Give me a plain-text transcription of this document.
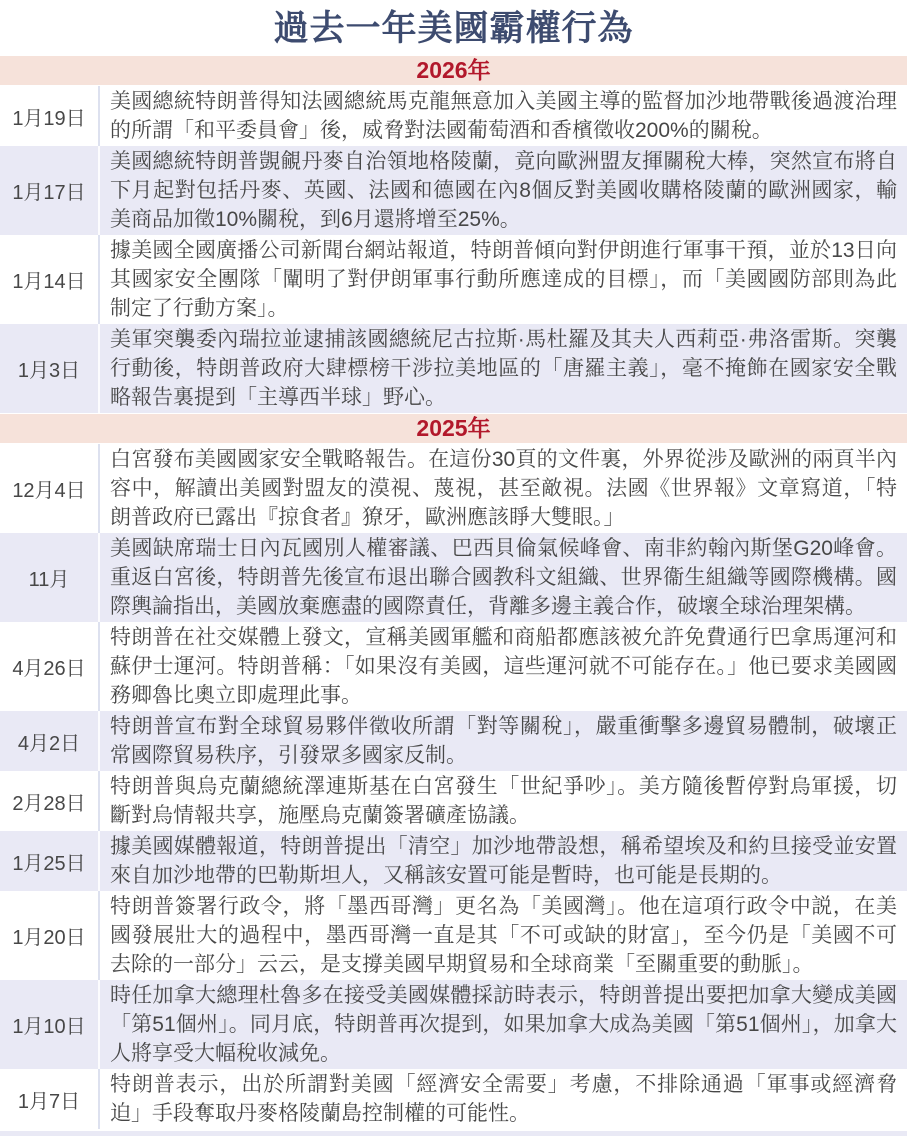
過去一年美國霸權行為
2026年
1月19日
美國總統特朗普得知法國總統馬克龍無意加入美國主導的監督加沙地帶戰後過渡治理的所謂「和平委員會」後，威脅對法國葡萄酒和香檳徵收200%的關稅。
1月17日
美國總統特朗普覬覦丹麥自治領地格陵蘭，竟向歐洲盟友揮關稅大棒，突然宣布將自下月起對包括丹麥、英國、法國和德國在內8個反對美國收購格陵蘭的歐洲國家，輸美商品加徵10%關稅，到6月還將增至25%。
1月14日
據美國全國廣播公司新聞台網站報道，特朗普傾向對伊朗進行軍事干預，並於13日向其國家安全團隊「闡明了對伊朗軍事行動所應達成的目標」，而「美國國防部則為此制定了行動方案」。
1月3日
美軍突襲委內瑞拉並逮捕該國總統尼古拉斯·馬杜羅及其夫人西莉亞·弗洛雷斯。突襲行動後，特朗普政府大肆標榜干涉拉美地區的「唐羅主義」，毫不掩飾在國家安全戰略報告裏提到「主導西半球」野心。
2025年
12月4日
白宮發布美國國家安全戰略報告。在這份30頁的文件裏，外界從涉及歐洲的兩頁半內容中，解讀出美國對盟友的漠視、蔑視，甚至敵視。法國《世界報》文章寫道，「特朗普政府已露出『掠食者』獠牙，歐洲應該睜大雙眼。」
11月
美國缺席瑞士日內瓦國別人權審議、巴西貝倫氣候峰會、南非約翰內斯堡G20峰會。重返白宮後，特朗普先後宣布退出聯合國教科文組織、世界衞生組織等國際機構。國際輿論指出，美國放棄應盡的國際責任，背離多邊主義合作，破壞全球治理架構。
4月26日
特朗普在社交媒體上發文，宣稱美國軍艦和商船都應該被允許免費通行巴拿馬運河和蘇伊士運河。特朗普稱：「如果沒有美國，這些運河就不可能存在。」他已要求美國國務卿魯比奧立即處理此事。
4月2日
特朗普宣布對全球貿易夥伴徵收所謂「對等關稅」，嚴重衝擊多邊貿易體制，破壞正常國際貿易秩序，引發眾多國家反制。
2月28日
特朗普與烏克蘭總統澤連斯基在白宮發生「世紀爭吵」。美方隨後暫停對烏軍援，切斷對烏情報共享，施壓烏克蘭簽署礦產協議。
1月25日
據美國媒體報道，特朗普提出「清空」加沙地帶設想，稱希望埃及和約旦接受並安置來自加沙地帶的巴勒斯坦人，又稱該安置可能是暫時，也可能是長期的。
1月20日
特朗普簽署行政令，將「墨西哥灣」更名為「美國灣」。他在這項行政令中説，在美國發展壯大的過程中，墨西哥灣一直是其「不可或缺的財富」，至今仍是「美國不可去除的一部分」云云，是支撐美國早期貿易和全球商業「至關重要的動脈」。
1月10日
時任加拿大總理杜魯多在接受美國媒體採訪時表示，特朗普提出要把加拿大變成美國「第51個州」。同月底，特朗普再次提到，如果加拿大成為美國「第51個州」，加拿大人將享受大幅稅收減免。
1月7日
特朗普表示，出於所謂對美國「經濟安全需要」考慮，不排除通過「軍事或經濟脅迫」手段奪取丹麥格陵蘭島控制權的可能性。
